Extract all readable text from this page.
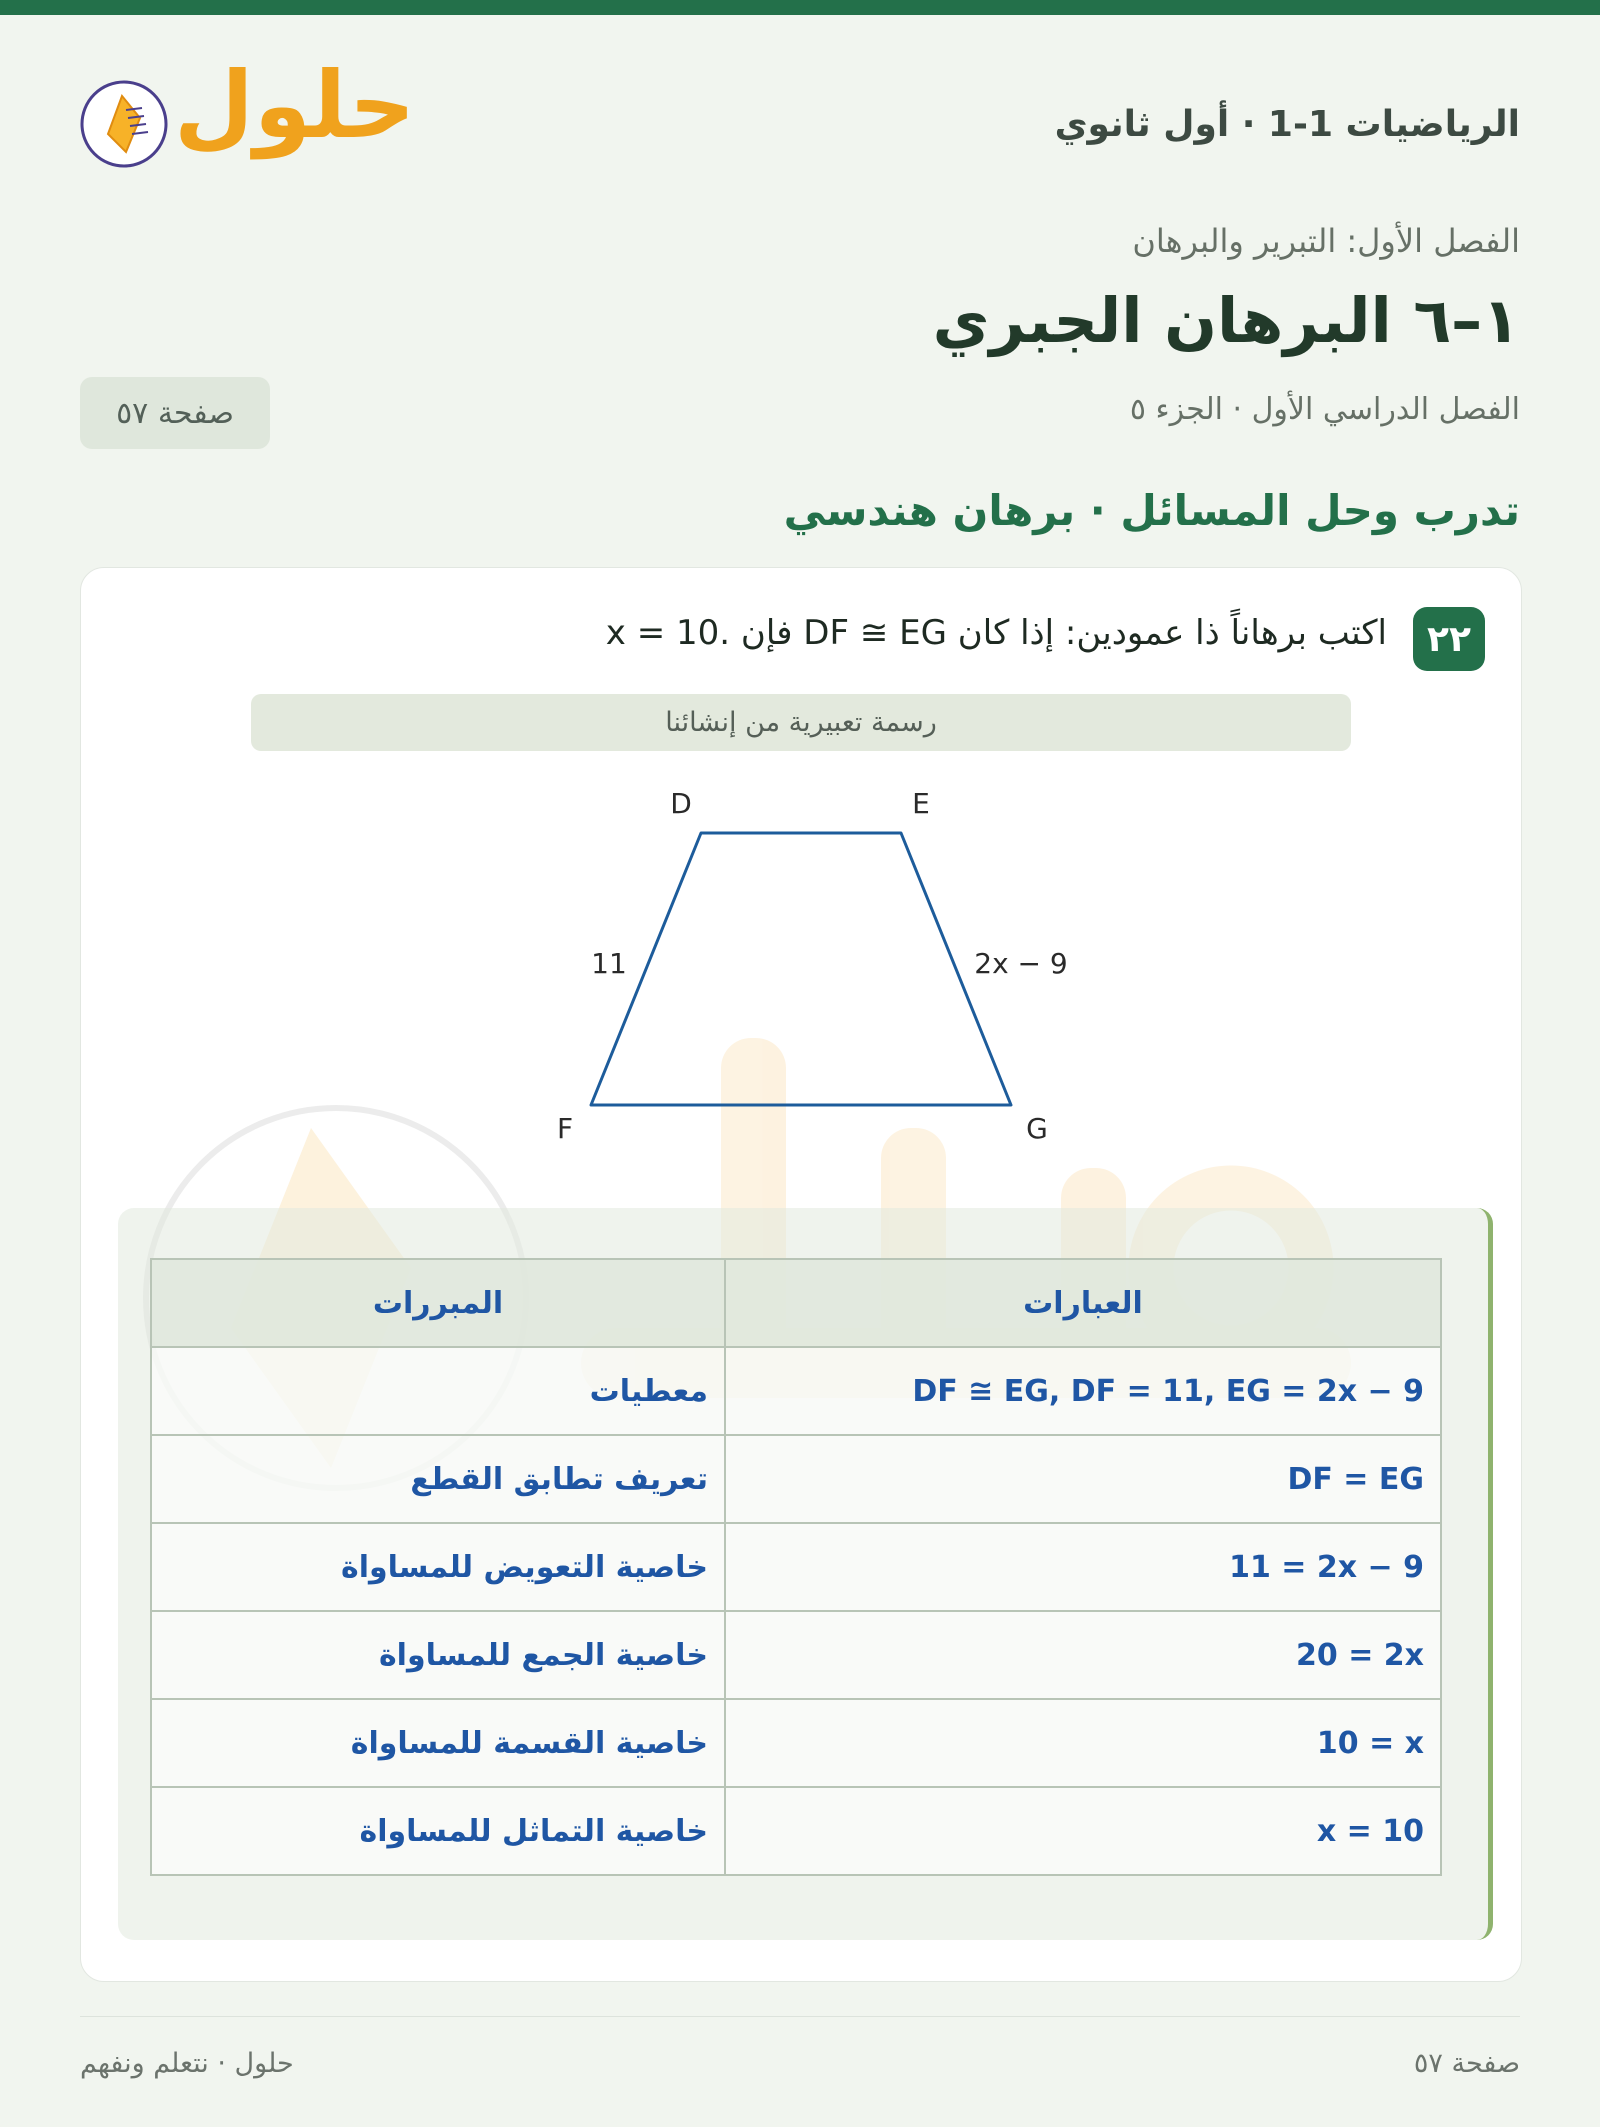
حلول	الرياضيات 1-1 · أول ثانوي
الفصل الأول: التبرير والبرهان
١–٦ البرهان الجبري
الفصل الدراسي الأول · الجزء ٥
صفحة ٥٧
تدرب وحل المسائل · برهان هندسي
٢٢
اكتب برهاناً ذا عمودين: إذا كان DF ≅ EG فإن x = 10.
رسمة تعبيرية من إنشائنا
D	E
F	G
11	2x − 9
العبارات	المبررات
DF ≅ EG, DF = 11, EG = 2x − 9	معطيات
DF = EG	تعريف تطابق القطع
11 = 2x − 9	خاصية التعويض للمساواة
20 = 2x	خاصية الجمع للمساواة
10 = x	خاصية القسمة للمساواة
x = 10	خاصية التماثل للمساواة
صفحة ٥٧
حلول · نتعلم ونفهم
